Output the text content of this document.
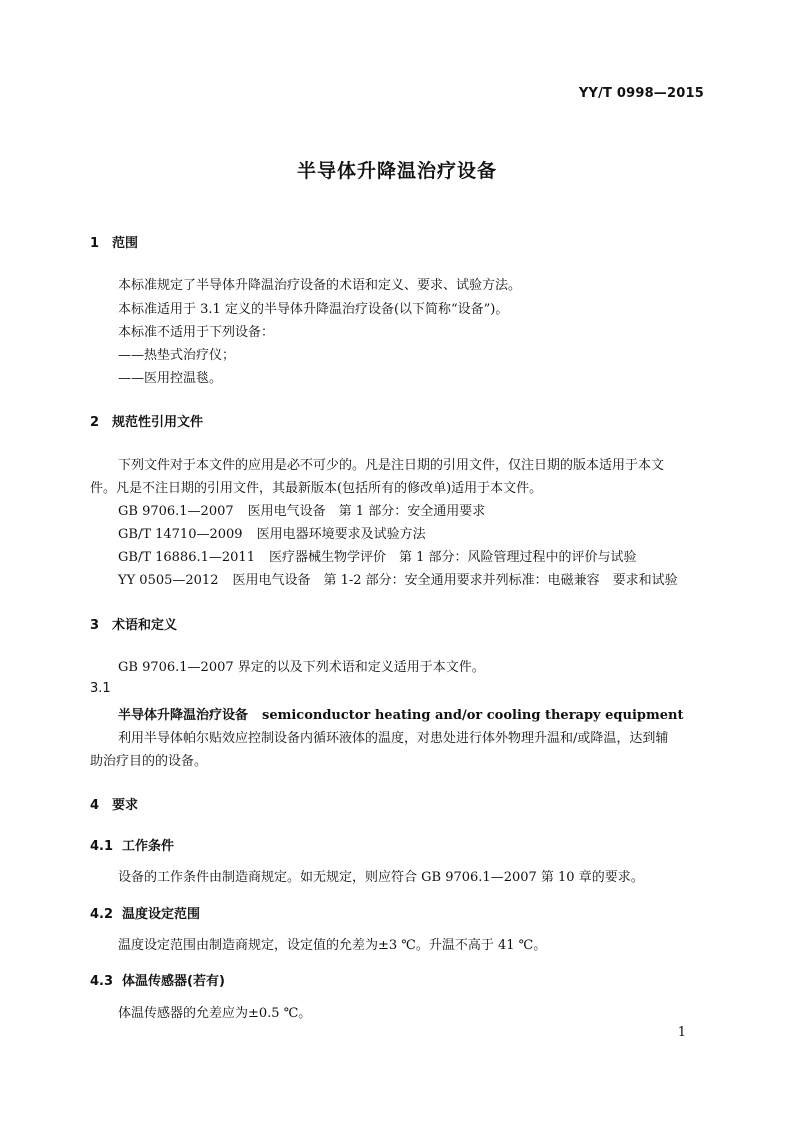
YY/T 0998—2015
半导体升降温治疗设备
1 范围
本标准规定了半导体升降温治疗设备的术语和定义、要求、试验方法。
本标准适用于 3.1 定义的半导体升降温治疗设备(以下简称“设备”)。
本标准不适用于下列设备：
——热垫式治疗仪；
——医用控温毯。
2 规范性引用文件
下列文件对于本文件的应用是必不可少的。凡是注日期的引用文件，仅注日期的版本适用于本文
件。凡是不注日期的引用文件，其最新版本(包括所有的修改单)适用于本文件。
GB 9706.1—2007 医用电气设备　第 1 部分：安全通用要求
GB/T 14710—2009 医用电器环境要求及试验方法
GB/T 16886.1—2011 医疗器械生物学评价　第 1 部分：风险管理过程中的评价与试验
YY 0505—2012 医用电气设备　第 1-2 部分：安全通用要求并列标准：电磁兼容　要求和试验
3 术语和定义
GB 9706.1—2007 界定的以及下列术语和定义适用于本文件。
3.1
半导体升降温治疗设备 semiconductor heating and/or cooling therapy equipment
利用半导体帕尔贴效应控制设备内循环液体的温度，对患处进行体外物理升温和/或降温，达到辅
助治疗目的的设备。
4 要求
4.1 工作条件
设备的工作条件由制造商规定。如无规定，则应符合 GB 9706.1—2007 第 10 章的要求。
4.2 温度设定范围
温度设定范围由制造商规定，设定值的允差为±3 ℃。升温不高于 41 ℃。
4.3 体温传感器(若有)
体温传感器的允差应为±0.5 ℃。
1
